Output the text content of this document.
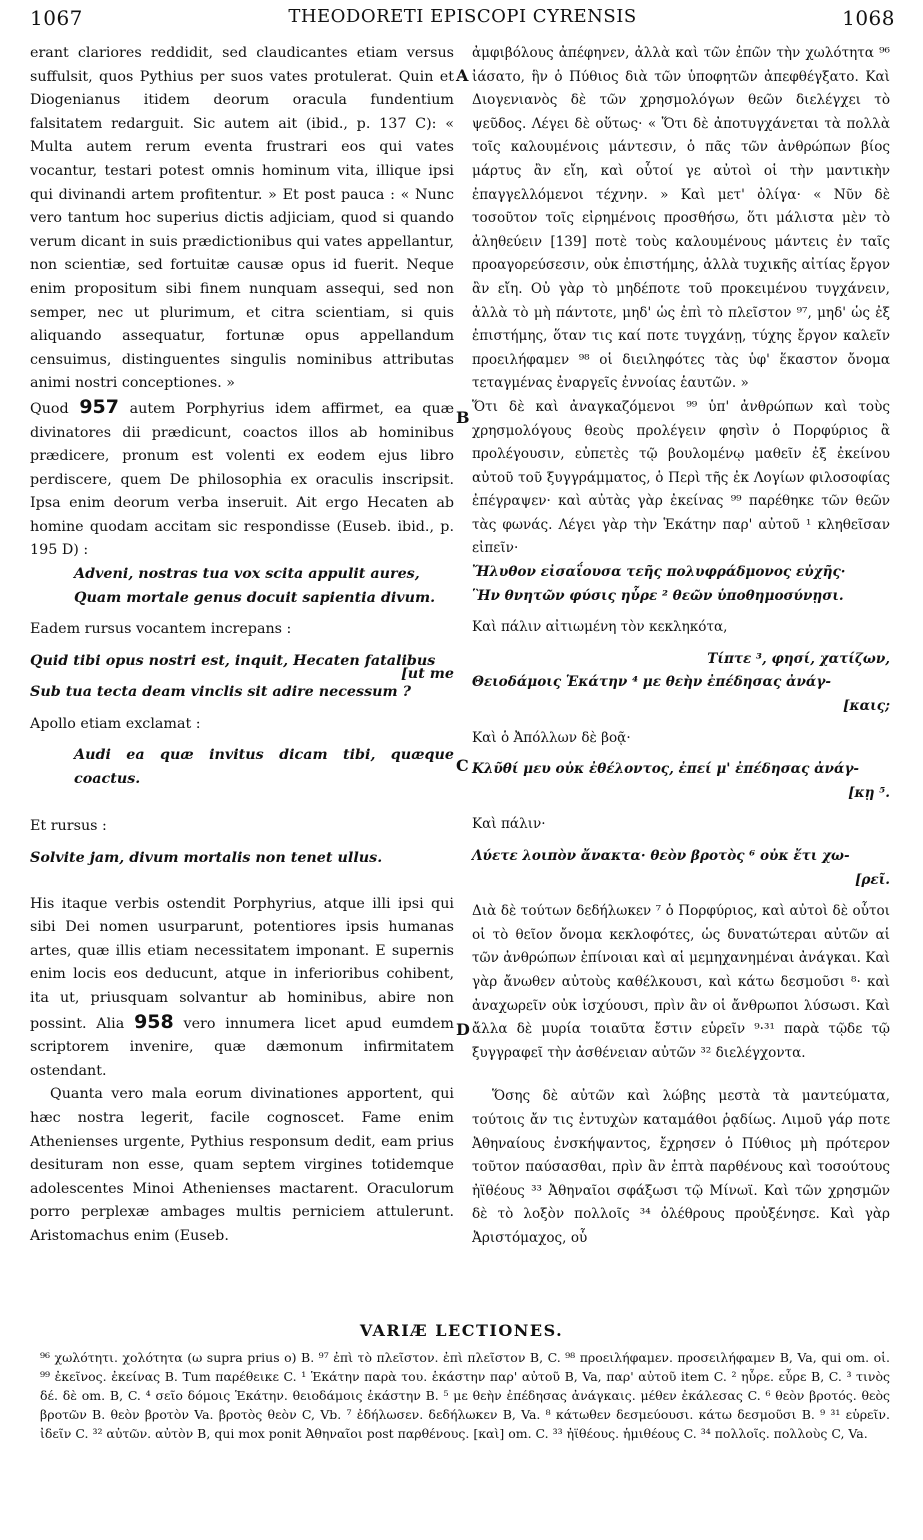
1067	THEODORETI EPISCOPI CYRENSIS	1068
A
B
C
D

erant clariores reddidit, sed claudicantes etiam versus suffulsit, quos Pythius per suos vates protulerat. Quin et Diogenianus itidem deorum oracula fundentium falsitatem redarguit. Sic autem ait (ibid., p. 137 C): « Multa autem rerum eventa frustrari eos qui vates vocantur, testari potest omnis hominum vita, illique ipsi qui divinandi artem profitentur. » Et post pauca : « Nunc vero tantum hoc superius dictis adjiciam, quod si quando verum dicant in suis prædictionibus qui vates appellantur, non scientiæ, sed fortuitæ causæ opus id fuerit. Neque enim propositum sibi finem nunquam assequi, sed non semper, nec ut plurimum, et citra scientiam, si quis aliquando assequatur, fortunæ opus appellandum censuimus, distinguentes singulis nominibus attributas animi nostri conceptiones. »

Quod 957 autem Porphyrius idem affirmet, ea quæ divinatores dii prædicunt, coactos illos ab hominibus prædicere, pronum est volenti ex eodem ejus libro perdiscere, quem De philosophia ex oraculis inscripsit. Ipsa enim deorum verba inseruit. Ait ergo Hecaten ab homine quodam accitam sic respondisse (Euseb. ibid., p. 195 D) :

Adveni, nostras tua vox scita appulit aures,

Quam mortale genus docuit sapientia divum.

Eadem rursus vocantem increpans :

Quid tibi opus nostri est, inquit, Hecaten fatalibus

[ut me

Sub tua tecta deam vinclis sit adire necessum ?

Apollo etiam exclamat :

Audi ea quæ invitus dicam tibi, quæque coactus.

Et rursus :

Solvite jam, divum mortalis non tenet ullus.

His itaque verbis ostendit Porphyrius, atque illi ipsi qui sibi Dei nomen usurparunt, potentiores ipsis humanas artes, quæ illis etiam necessitatem imponant. E supernis enim locis eos deducunt, atque in inferioribus cohibent, ita ut, priusquam solvantur ab hominibus, abire non possint. Alia 958 vero innumera licet apud eumdem scriptorem invenire, quæ dæmonum infirmitatem ostendant.

Quanta vero mala eorum divinationes apportent, qui hæc nostra legerit, facile cognoscet. Fame enim Athenienses urgente, Pythius responsum dedit, eam prius desituram non esse, quam septem virgines totidemque adolescentes Minoi Athenienses mactarent. Oraculorum porro perplexæ ambages multis perniciem attulerunt. Aristomachus enim (Euseb.

ἀμφιβόλους ἀπέφηνεν, ἀλλὰ καὶ τῶν ἐπῶν τὴν χωλότητα ⁹⁶ ἰάσατο, ἣν ὁ Πύθιος διὰ τῶν ὑποφητῶν ἀπεφθέγξατο. Καὶ Διογενιανὸς δὲ τῶν χρησμολόγων θεῶν διελέγχει τὸ ψεῦδος. Λέγει δὲ οὕτως· « Ὅτι δὲ ἀποτυγχάνεται τὰ πολλὰ τοῖς καλουμένοις μάντεσιν, ὁ πᾶς τῶν ἀνθρώπων βίος μάρτυς ἂν εἴη, καὶ οὗτοί γε αὐτοὶ οἱ τὴν μαντικὴν ἐπαγγελλόμενοι τέχνην. » Καὶ μετ' ὀλίγα· « Νῦν δὲ τοσοῦτον τοῖς εἰρημένοις προσθήσω, ὅτι μάλιστα μὲν τὸ ἀληθεύειν [139] ποτὲ τοὺς καλουμένους μάντεις ἐν ταῖς προαγορεύσεσιν, οὐκ ἐπιστήμης, ἀλλὰ τυχικῆς αἰτίας ἔργον ἂν εἴη. Οὐ γὰρ τὸ μηδέποτε τοῦ προκειμένου τυγχάνειν, ἀλλὰ τὸ μὴ πάντοτε, μηδ' ὡς ἐπὶ τὸ πλεῖστον ⁹⁷, μηδ' ὡς ἐξ ἐπιστήμης, ὅταν τις καί ποτε τυγχάνῃ, τύχης ἔργον καλεῖν προειλήφαμεν ⁹⁸ οἱ διειληφότες τὰς ὑφ' ἕκαστον ὄνομα τεταγμένας ἐναργεῖς ἐννοίας ἑαυτῶν. »

Ὅτι δὲ καὶ ἀναγκαζόμενοι ⁹⁹ ὑπ' ἀνθρώπων καὶ τοὺς χρησμολόγους θεοὺς προλέγειν φησὶν ὁ Πορφύριος ἃ προλέγουσιν, εὐπετὲς τῷ βουλομένῳ μαθεῖν ἐξ ἐκείνου αὐτοῦ τοῦ ξυγγράμματος, ὁ Περὶ τῆς ἐκ Λογίων φιλοσοφίας ἐπέγραψεν· καὶ αὐτὰς γὰρ ἐκείνας ⁹⁹ παρέθηκε τῶν θεῶν τὰς φωνάς. Λέγει γὰρ τὴν Ἑκάτην παρ' αὐτοῦ ¹ κληθεῖσαν εἰπεῖν·

Ἤλυθον εἰσαΐουσα τεῆς πολυφράδμονος εὐχῆς·

Ἣν θνητῶν φύσις ηὗρε ² θεῶν ὑποθημοσύνῃσι.

Καὶ πάλιν αἰτιωμένη τὸν κεκληκότα,

Τίπτε ³, φησί, χατίζων,

Θειοδάμοις Ἑκάτην ⁴ με θεὴν ἐπέδησας ἀνάγ-

[καις;

Καὶ ὁ Ἀπόλλων δὲ βοᾷ·

Κλῦθί μευ οὐκ ἐθέλοντος, ἐπεί μ' ἐπέδησας ἀνάγ-

[κῃ ⁵.

Καὶ πάλιν·

Λύετε λοιπὸν ἄνακτα· θεὸν βροτὸς ⁶ οὐκ ἔτι χω-

[ρεῖ.

Διὰ δὲ τούτων δεδήλωκεν ⁷ ὁ Πορφύριος, καὶ αὐτοὶ δὲ οὗτοι οἱ τὸ θεῖον ὄνομα κεκλοφότες, ὡς δυνατώτεραι αὐτῶν αἱ τῶν ἀνθρώπων ἐπίνοιαι καὶ αἱ μεμηχανημέναι ἀνάγκαι. Καὶ γὰρ ἄνωθεν αὐτοὺς καθέλκουσι, καὶ κάτω δεσμοῦσι ⁸· καὶ ἀναχωρεῖν οὐκ ἰσχύουσι, πρὶν ἂν οἱ ἄνθρωποι λύσωσι. Καὶ ἄλλα δὲ μυρία τοιαῦτα ἔστιν εὑρεῖν ⁹·³¹ παρὰ τῷδε τῷ ξυγγραφεῖ τὴν ἀσθένειαν αὐτῶν ³² διελέγχοντα.

Ὅσης δὲ αὐτῶν καὶ λώβης μεστὰ τὰ μαντεύματα, τούτοις ἄν τις ἐντυχὼν καταμάθοι ῥᾳδίως. Λιμοῦ γάρ ποτε Ἀθηναίους ἐνσκήψαντος, ἔχρησεν ὁ Πύθιος μὴ πρότερον τοῦτον παύσασθαι, πρὶν ἂν ἑπτὰ παρθένους καὶ τοσούτους ἠϊθέους ³³ Ἀθηναῖοι σφάξωσι τῷ Μίνωϊ. Καὶ τῶν χρησμῶν δὲ τὸ λοξὸν πολλοῖς ³⁴ ὀλέθρους προὐξένησε. Καὶ γὰρ Ἀριστόμαχος, οὗ

VARIÆ LECTIONES.
⁹⁶ χωλότητι. χολότητα (ω supra prius ο) B. ⁹⁷ ἐπὶ τὸ πλεῖστον. ἐπὶ πλεῖστον B, C. ⁹⁸ προειλήφαμεν. προσειλήφαμεν B, Va, qui om. οἱ. ⁹⁹ ἐκεῖνος. ἐκείνας B. Tum παρέθεικε C. ¹ Ἑκάτην παρὰ του. ἑκάστην παρ' αὐτοῦ B, Va, παρ' αὐτοῦ item C. ² ηὗρε. εὗρε B, C. ³ τινὸς δέ. δὲ om. B, C. ⁴ σεῖο δόμοις Ἑκάτην. θειοδάμοις ἑκάστην B. ⁵ με θεὴν ἐπέδησας ἀνάγκαις. μέθεν ἐκάλεσας C. ⁶ θεὸν βροτός. θεὸς βροτῶν B. θεὸν βροτὸν Va. βροτὸς θεὸν C, Vb. ⁷ ἐδήλωσεν. δεδήλωκεν B, Va. ⁸ κάτωθεν δεσμεύουσι. κάτω δεσμοῦσι B. ⁹ ³¹ εὑρεῖν. ἰδεῖν C. ³² αὐτῶν. αὐτὸν B, qui mox ponit Ἀθηναῖοι post παρθένους. [καὶ] om. C. ³³ ἠϊθέους. ἡμιθέους C. ³⁴ πολλοῖς. πολλοὺς C, Va.
